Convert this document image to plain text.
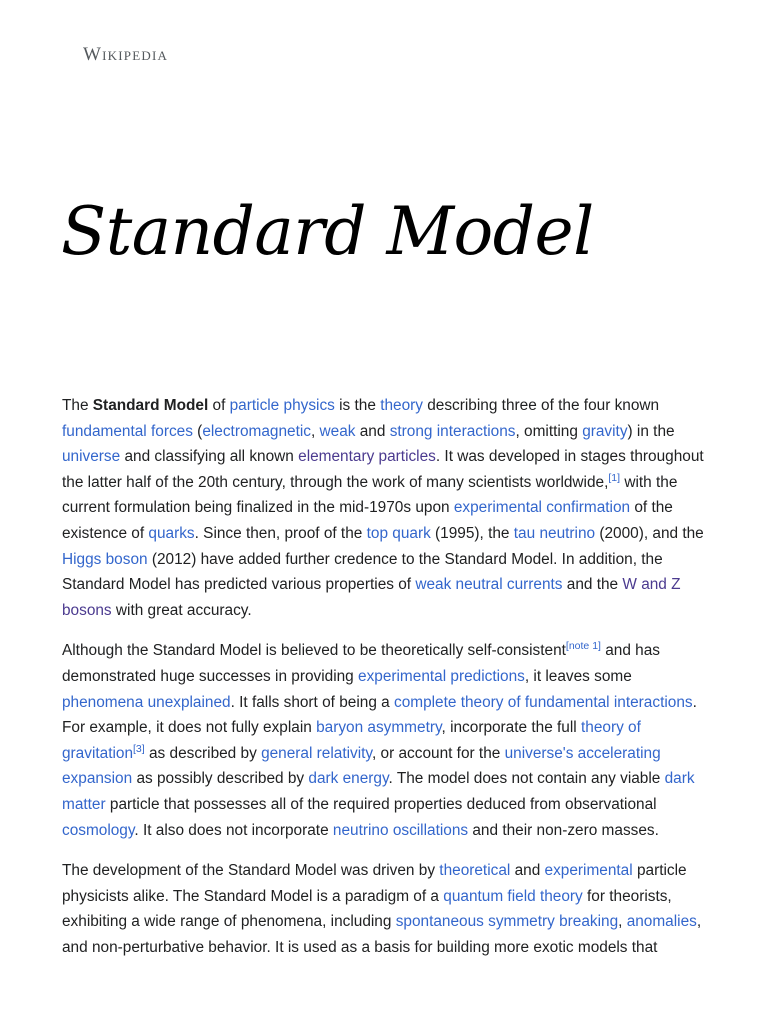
Wikipedia
Standard Model

The Standard Model of particle physics is the theory describing three of the four known fundamental forces (electromagnetic, weak and strong interactions, omitting gravity) in the universe and classifying all known elementary particles. It was developed in stages throughout the latter half of the 20th century, through the work of many scientists worldwide,[1] with the current formulation being finalized in the mid-1970s upon experimental confirmation of the existence of quarks. Since then, proof of the top quark (1995), the tau neutrino (2000), and the Higgs boson (2012) have added further credence to the Standard Model. In addition, the Standard Model has predicted various properties of weak neutral currents and the W and Z bosons with great accuracy.

Although the Standard Model is believed to be theoretically self-consistent[note 1] and has demonstrated huge successes in providing experimental predictions, it leaves some phenomena unexplained. It falls short of being a complete theory of fundamental interactions. For example, it does not fully explain baryon asymmetry, incorporate the full theory of gravitation[3] as described by general relativity, or account for the universe's accelerating expansion as possibly described by dark energy. The model does not contain any viable dark matter particle that possesses all of the required properties deduced from observational cosmology. It also does not incorporate neutrino oscillations and their non-zero masses.

The development of the Standard Model was driven by theoretical and experimental particle physicists alike. The Standard Model is a paradigm of a quantum field theory for theorists, exhibiting a wide range of phenomena, including spontaneous symmetry breaking, anomalies, and non-perturbative behavior. It is used as a basis for building more exotic models that
